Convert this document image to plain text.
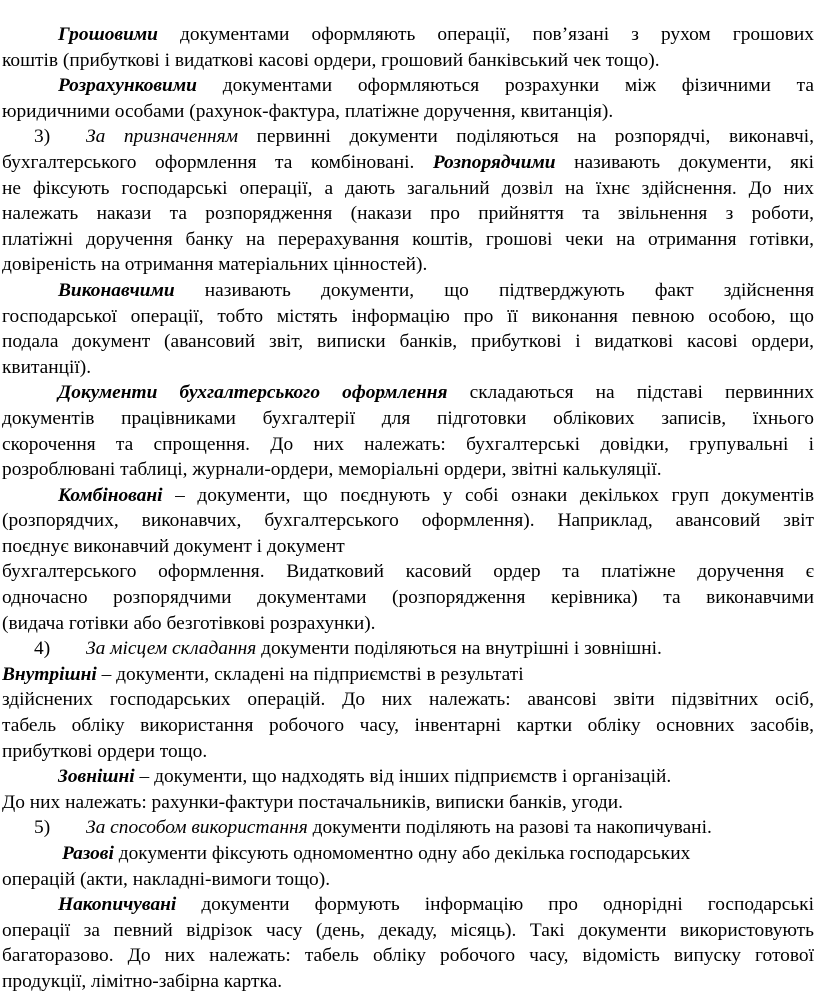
Грошовими документами оформляють операції, пов’язані з рухом грошових
коштів (прибуткові і видаткові касові ордери, грошовий банківський чек тощо).
Розрахунковими документами оформляються розрахунки між фізичними та
юридичними особами (рахунок-фактура, платіжне доручення, квитанція).
3) За призначенням первинні документи поділяються на розпорядчі, виконавчі,
бухгалтерського оформлення та комбіновані. Розпорядчими називають документи, які
не фіксують господарські операції, а дають загальний дозвіл на їхнє здійснення. До них
належать накази та розпорядження (накази про прийняття та звільнення з роботи,
платіжні доручення банку на перерахування коштів, грошові чеки на отримання готівки,
довіреність на отримання матеріальних цінностей).
Виконавчими називають документи, що підтверджують факт здійснення
господарської операції, тобто містять інформацію про її виконання певною особою, що
подала документ (авансовий звіт, виписки банків, прибуткові і видаткові касові ордери,
квитанції).
Документи бухгалтерського оформлення складаються на підставі первинних
документів працівниками бухгалтерії для підготовки облікових записів, їхнього
скорочення та спрощення. До них належать: бухгалтерські довідки, групувальні і
розроблювані таблиці, журнали-ордери, меморіальні ордери, звітні калькуляції.
Комбіновані – документи, що поєднують у собі ознаки декількох груп документів
(розпорядчих, виконавчих, бухгалтерського оформлення). Наприклад, авансовий звіт
поєднує виконавчий документ і документ
бухгалтерського оформлення. Видатковий касовий ордер та платіжне доручення є
одночасно розпорядчими документами (розпорядження керівника) та виконавчими
(видача готівки або безготівкові розрахунки).
4) За місцем складання документи поділяються на внутрішні і зовнішні.
Внутрішні – документи, складені на підприємстві в результаті
здійснених господарських операцій. До них належать: авансові звіти підзвітних осіб,
табель обліку використання робочого часу, інвентарні картки обліку основних засобів,
прибуткові ордери тощо.
Зовнішні – документи, що надходять від інших підприємств і організацій.
До них належать: рахунки-фактури постачальників, виписки банків, угоди.
5) За способом використання документи поділяють на разові та накопичувані.
Разові документи фіксують одномоментно одну або декілька господарських
операцій (акти, накладні-вимоги тощо).
Накопичувані документи формують інформацію про однорідні господарські
операції за певний відрізок часу (день, декаду, місяць). Такі документи використовують
багаторазово. До них належать: табель обліку робочого часу, відомість випуску готової
продукції, лімітно-забірна картка.
